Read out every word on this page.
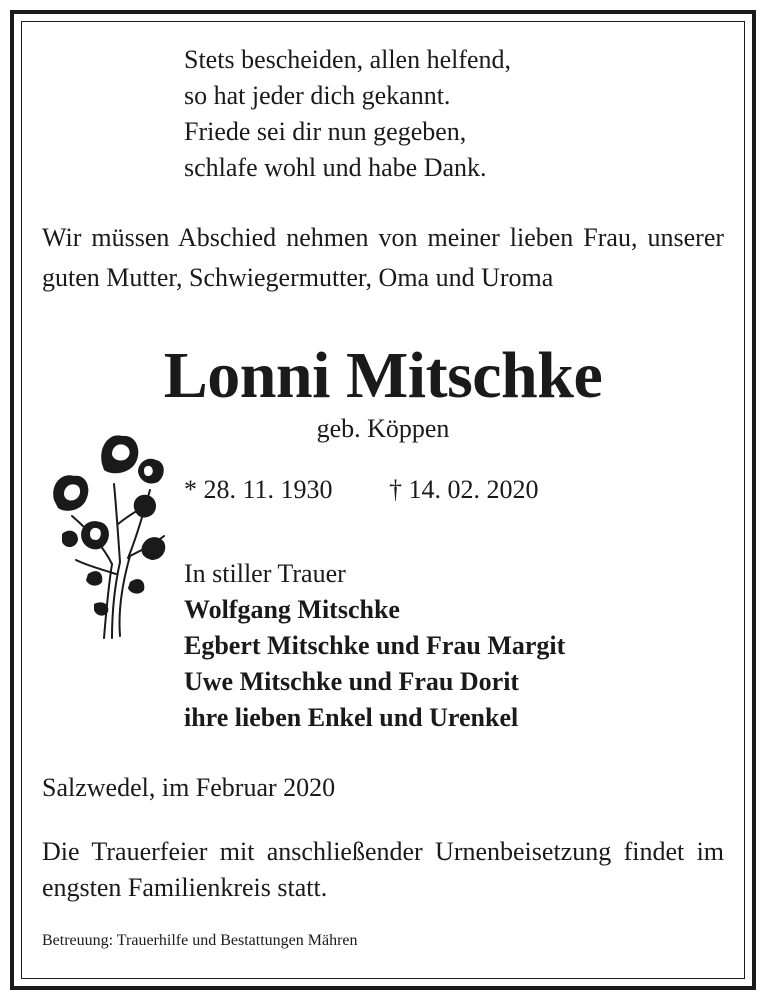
Stets bescheiden, allen helfend,
so hat jeder dich gekannt.
Friede sei dir nun gegeben,
schlafe wohl und habe Dank.
Wir müssen Abschied nehmen von meiner lieben Frau, unserer guten Mutter, Schwiegermutter, Oma und Uroma
Lonni Mitschke
geb. Köppen
* 28. 11. 1930 † 14. 02. 2020
In stiller Trauer
Wolfgang Mitschke
Egbert Mitschke und Frau Margit
Uwe Mitschke und Frau Dorit
ihre lieben Enkel und Urenkel
Salzwedel, im Februar 2020
Die Trauerfeier mit anschließender Urnenbeisetzung findet im engsten Familienkreis statt.
Betreuung: Trauerhilfe und Bestattungen Mähren
